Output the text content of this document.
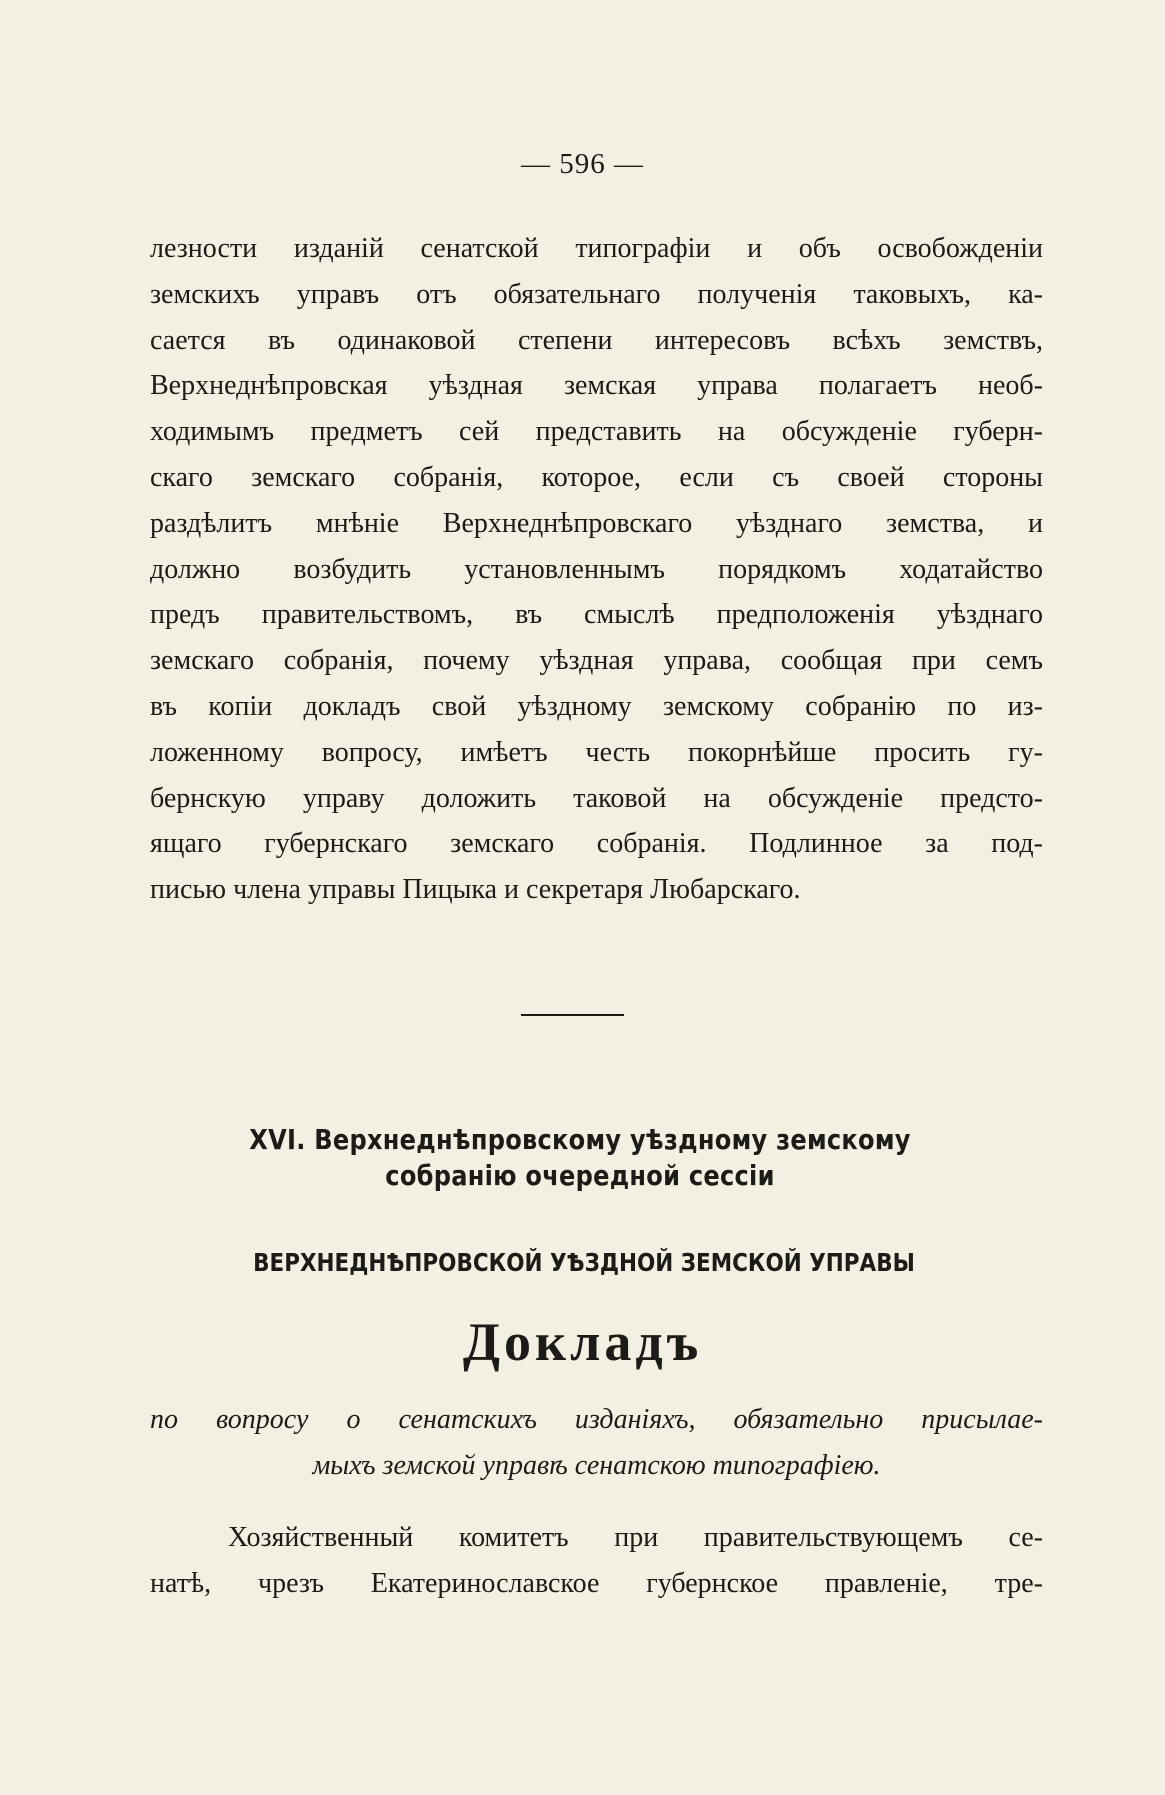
— 596 —
лезности изданій сенатской типографіи и объ освобожденіи
земскихъ управъ отъ обязательнаго полученія таковыхъ, ка-
сается въ одинаковой степени интересовъ всѣхъ земствъ,
Верхнеднѣпровская уѣздная земская управа полагаетъ необ-
ходимымъ предметъ сей представить на обсужденіе губерн-
скаго земскаго собранія, которое, если съ своей стороны
раздѣлитъ мнѣніе Верхнеднѣпровскаго уѣзднаго земства, и
должно возбудить установленнымъ порядкомъ ходатайство
предъ правительствомъ, въ смыслѣ предположенія уѣзднаго
земскаго собранія, почему уѣздная управа, сообщая при семъ
въ копіи докладъ свой уѣздному земскому собранію по из-
ложенному вопросу, имѣетъ честь покорнѣйше просить гу-
бернскую управу доложить таковой на обсужденіе предсто-
ящаго губернскаго земскаго собранія. Подлинное за под-
писью члена управы Пицыка и секретаря Любарскаго.
XVI. Верхнеднѣпровскому уѣздному земскому собранію очередной сессіи
ВЕРХНЕДНѢПРОВСКОЙ УѢЗДНОЙ ЗЕМСКОЙ УПРАВЫ
Докладъ
по вопросу о сенатскихъ изданіяхъ, обязательно присылае-
мыхъ земской управѣ сенатскою типографіею.
Хозяйственный комитетъ при правительствующемъ се-
натѣ, чрезъ Екатеринославское губернское правленіе, тре-
